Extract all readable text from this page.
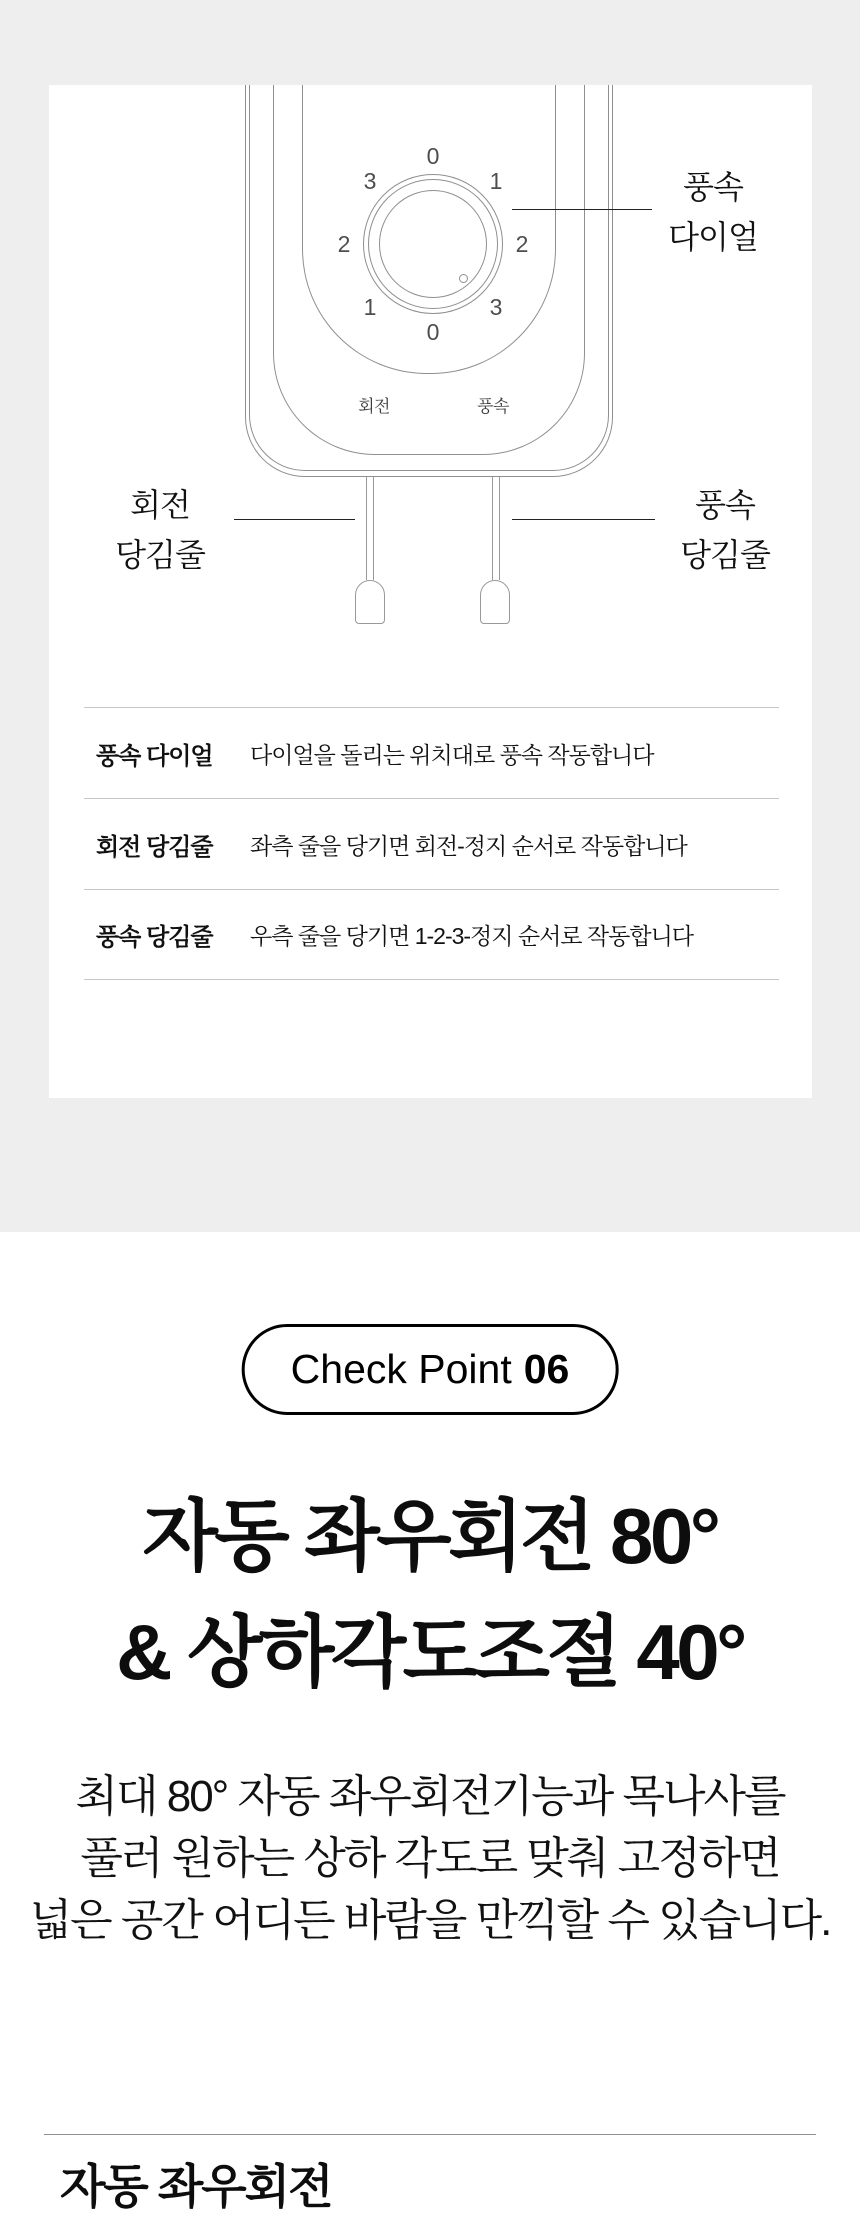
0
1
2
3
0
1
2
3
회전	풍속
풍속
다이얼
회전
당김줄
풍속
당김줄
풍속 다이얼	다이얼을 돌리는 위치대로 풍속 작동합니다
회전 당김줄	좌측 줄을 당기면 회전-정지 순서로 작동합니다
풍속 당김줄	우측 줄을 당기면 1-2-3-정지 순서로 작동합니다
Check Point 06
자동 좌우회전 80°
& 상하각도조절 40°
최대 80° 자동 좌우회전기능과 목나사를
풀러 원하는 상하 각도로 맞춰 고정하면
넓은 공간 어디든 바람을 만끽할 수 있습니다.
자동 좌우회전
